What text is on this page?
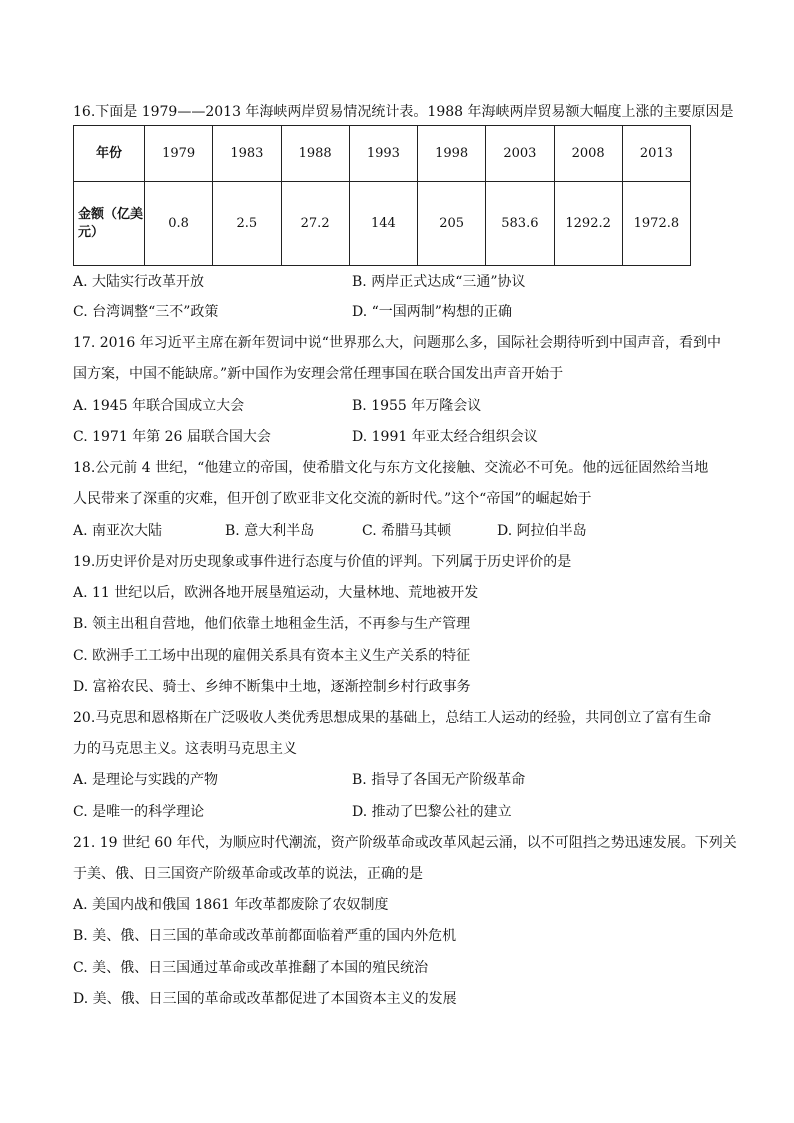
16.下面是 1979——2013 年海峡两岸贸易情况统计表。1988 年海峡两岸贸易额大幅度上涨的主要原因是
年份	1979	1983	1988	1993	1998	2003	2008	2013
金额（亿美元）	0.8	2.5	27.2	144	205	583.6	1292.2	1972.8
A. 大陆实行改革开放	B. 两岸正式达成“三通”协议
C. 台湾调整“三不”政策	D. “一国两制”构想的正确
17. 2016 年习近平主席在新年贺词中说“世界那么大，问题那么多，国际社会期待听到中国声音，看到中
国方案，中国不能缺席。”新中国作为安理会常任理事国在联合国发出声音开始于
A. 1945 年联合国成立大会	B. 1955 年万隆会议
C. 1971 年第 26 届联合国大会	D. 1991 年亚太经合组织会议
18.公元前 4 世纪，“他建立的帝国，使希腊文化与东方文化接触、交流必不可免。他的远征固然给当地
人民带来了深重的灾难，但开创了欧亚非文化交流的新时代。”这个“帝国”的崛起始于
A. 南亚次大陆	B. 意大利半岛	C. 希腊马其顿	D. 阿拉伯半岛
19.历史评价是对历史现象或事件进行态度与价值的评判。下列属于历史评价的是
A. 11 世纪以后，欧洲各地开展垦殖运动，大量林地、荒地被开发
B. 领主出租自营地，他们依靠土地租金生活，不再参与生产管理
C. 欧洲手工工场中出现的雇佣关系具有资本主义生产关系的特征
D. 富裕农民、骑士、乡绅不断集中土地，逐渐控制乡村行政事务
20.马克思和恩格斯在广泛吸收人类优秀思想成果的基础上，总结工人运动的经验，共同创立了富有生命
力的马克思主义。这表明马克思主义
A. 是理论与实践的产物	B. 指导了各国无产阶级革命
C. 是唯一的科学理论	D. 推动了巴黎公社的建立
21. 19 世纪 60 年代，为顺应时代潮流，资产阶级革命或改革风起云涌，以不可阻挡之势迅速发展。下列关
于美、俄、日三国资产阶级革命或改革的说法，正确的是
A. 美国内战和俄国 1861 年改革都废除了农奴制度
B. 美、俄、日三国的革命或改革前都面临着严重的国内外危机
C. 美、俄、日三国通过革命或改革推翻了本国的殖民统治
D. 美、俄、日三国的革命或改革都促进了本国资本主义的发展
